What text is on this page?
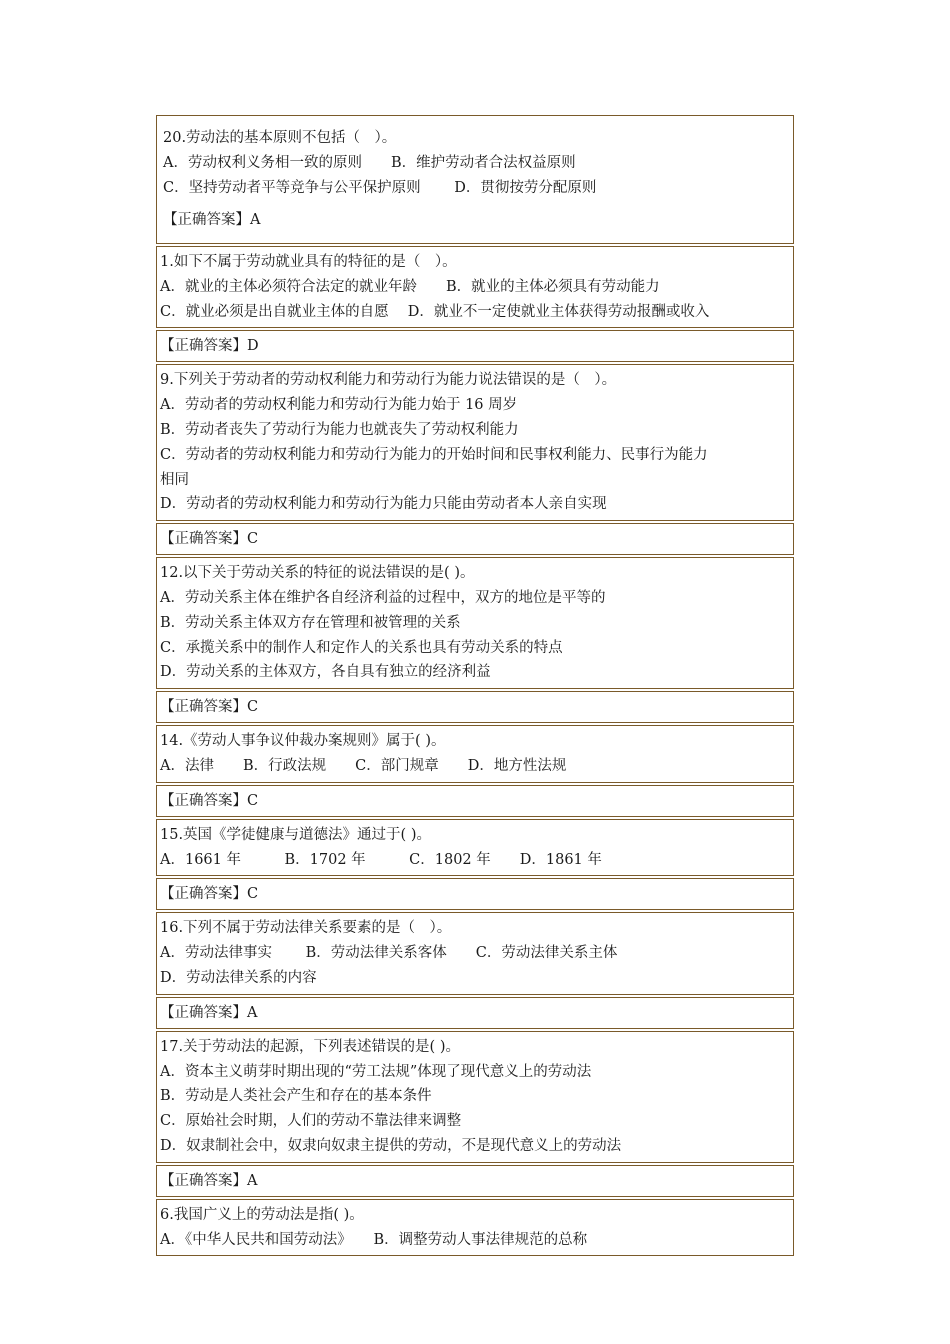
20.劳动法的基本原则不包括（　）。
A．劳动权利义务相一致的原则　　B．维护劳动者合法权益原则
C．坚持劳动者平等竞争与公平保护原则　　 D．贯彻按劳分配原则
【正确答案】A
1.如下不属于劳动就业具有的特征的是（　）。
A．就业的主体必须符合法定的就业年龄　　B．就业的主体必须具有劳动能力
C．就业必须是出自就业主体的自愿　 D．就业不一定使就业主体获得劳动报酬或收入
【正确答案】D
9.下列关于劳动者的劳动权利能力和劳动行为能力说法错误的是（　）。
A．劳动者的劳动权利能力和劳动行为能力始于 16 周岁
B．劳动者丧失了劳动行为能力也就丧失了劳动权利能力
C．劳动者的劳动权利能力和劳动行为能力的开始时间和民事权利能力、民事行为能力
相同
D．劳动者的劳动权利能力和劳动行为能力只能由劳动者本人亲自实现
【正确答案】C
12.以下关于劳动关系的特征的说法错误的是( )。
A．劳动关系主体在维护各自经济利益的过程中，双方的地位是平等的
B．劳动关系主体双方存在管理和被管理的关系
C．承揽关系中的制作人和定作人的关系也具有劳动关系的特点
D．劳动关系的主体双方，各自具有独立的经济利益
【正确答案】C
14.《劳动人事争议仲裁办案规则》属于( )。
A．法律　　B．行政法规　　C．部门规章　　D．地方性法规
【正确答案】C
15.英国《学徒健康与道德法》通过于( )。
A．1661 年　　　B．1702 年　　　C．1802 年　　D．1861 年
【正确答案】C
16.下列不属于劳动法律关系要素的是（　）。
A．劳动法律事实　　 B．劳动法律关系客体　　C．劳动法律关系主体
D．劳动法律关系的内容
【正确答案】A
17.关于劳动法的起源，下列表述错误的是( )。
A．资本主义萌芽时期出现的“劳工法规”体现了现代意义上的劳动法
B．劳动是人类社会产生和存在的基本条件
C．原始社会时期，人们的劳动不靠法律来调整
D．奴隶制社会中，奴隶向奴隶主提供的劳动，不是现代意义上的劳动法
【正确答案】A
6.我国广义上的劳动法是指( )。
A．《中华人民共和国劳动法》　　B．调整劳动人事法律规范的总称
